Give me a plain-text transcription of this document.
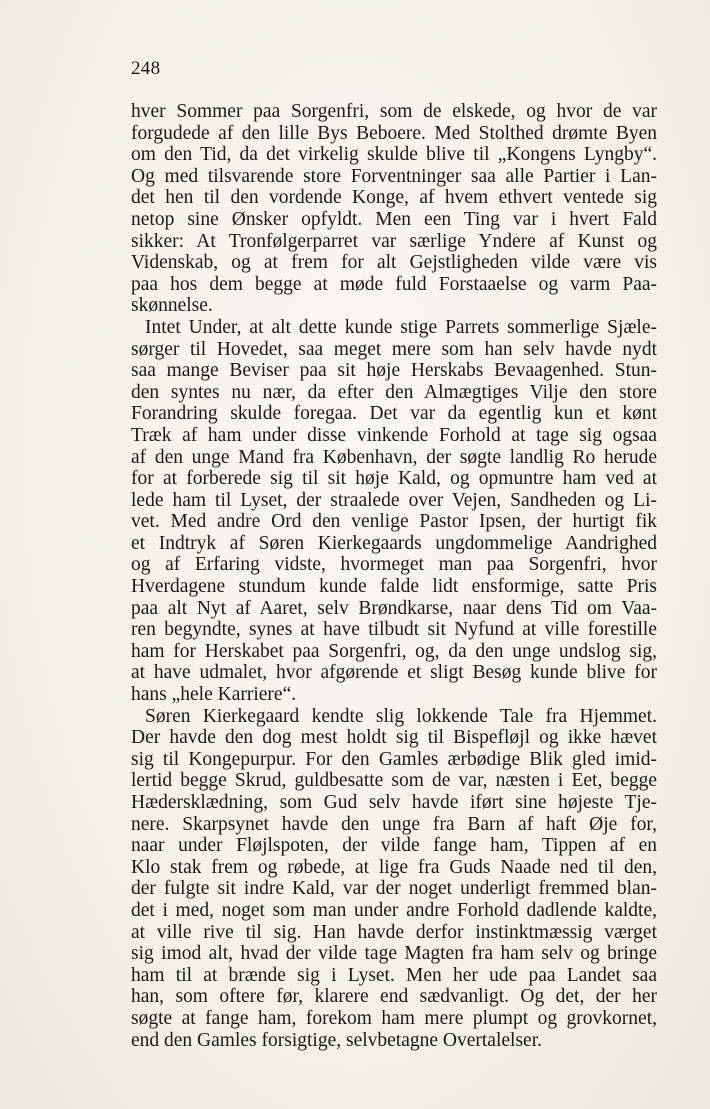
248
hver Sommer paa Sorgenfri, som de elskede, og hvor de var
forgudede af den lille Bys Beboere. Med Stolthed drømte Byen
om den Tid, da det virkelig skulde blive til „Kongens Lyngby“.
Og med tilsvarende store Forventninger saa alle Partier i Lan-
det hen til den vordende Konge, af hvem ethvert ventede sig
netop sine Ønsker opfyldt. Men een Ting var i hvert Fald
sikker: At Tronfølgerparret var særlige Yndere af Kunst og
Videnskab, og at frem for alt Gejstligheden vilde være vis
paa hos dem begge at møde fuld Forstaaelse og varm Paa-
skønnelse.
Intet Under, at alt dette kunde stige Parrets sommerlige Sjæle-
sørger til Hovedet, saa meget mere som han selv havde nydt
saa mange Beviser paa sit høje Herskabs Bevaagenhed. Stun-
den syntes nu nær, da efter den Almægtiges Vilje den store
Forandring skulde foregaa. Det var da egentlig kun et kønt
Træk af ham under disse vinkende Forhold at tage sig ogsaa
af den unge Mand fra København, der søgte landlig Ro herude
for at forberede sig til sit høje Kald, og opmuntre ham ved at
lede ham til Lyset, der straalede over Vejen, Sandheden og Li-
vet. Med andre Ord den venlige Pastor Ipsen, der hurtigt fik
et Indtryk af Søren Kierkegaards ungdommelige Aandrighed
og af Erfaring vidste, hvormeget man paa Sorgenfri, hvor
Hverdagene stundum kunde falde lidt ensformige, satte Pris
paa alt Nyt af Aaret, selv Brøndkarse, naar dens Tid om Vaa-
ren begyndte, synes at have tilbudt sit Nyfund at ville forestille
ham for Herskabet paa Sorgenfri, og, da den unge undslog sig,
at have udmalet, hvor afgørende et sligt Besøg kunde blive for
hans „hele Karriere“.
Søren Kierkegaard kendte slig lokkende Tale fra Hjemmet.
Der havde den dog mest holdt sig til Bispefløjl og ikke hævet
sig til Kongepurpur. For den Gamles ærbødige Blik gled imid-
lertid begge Skrud, guldbesatte som de var, næsten i Eet, begge
Hædersklædning, som Gud selv havde iført sine højeste Tje-
nere. Skarpsynet havde den unge fra Barn af haft Øje for,
naar under Fløjlspoten, der vilde fange ham, Tippen af en
Klo stak frem og røbede, at lige fra Guds Naade ned til den,
der fulgte sit indre Kald, var der noget underligt fremmed blan-
det i med, noget som man under andre Forhold dadlende kaldte,
at ville rive til sig. Han havde derfor instinktmæssig værget
sig imod alt, hvad der vilde tage Magten fra ham selv og bringe
ham til at brænde sig i Lyset. Men her ude paa Landet saa
han, som oftere før, klarere end sædvanligt. Og det, der her
søgte at fange ham, forekom ham mere plumpt og grovkornet,
end den Gamles forsigtige, selvbetagne Overtalelser.
